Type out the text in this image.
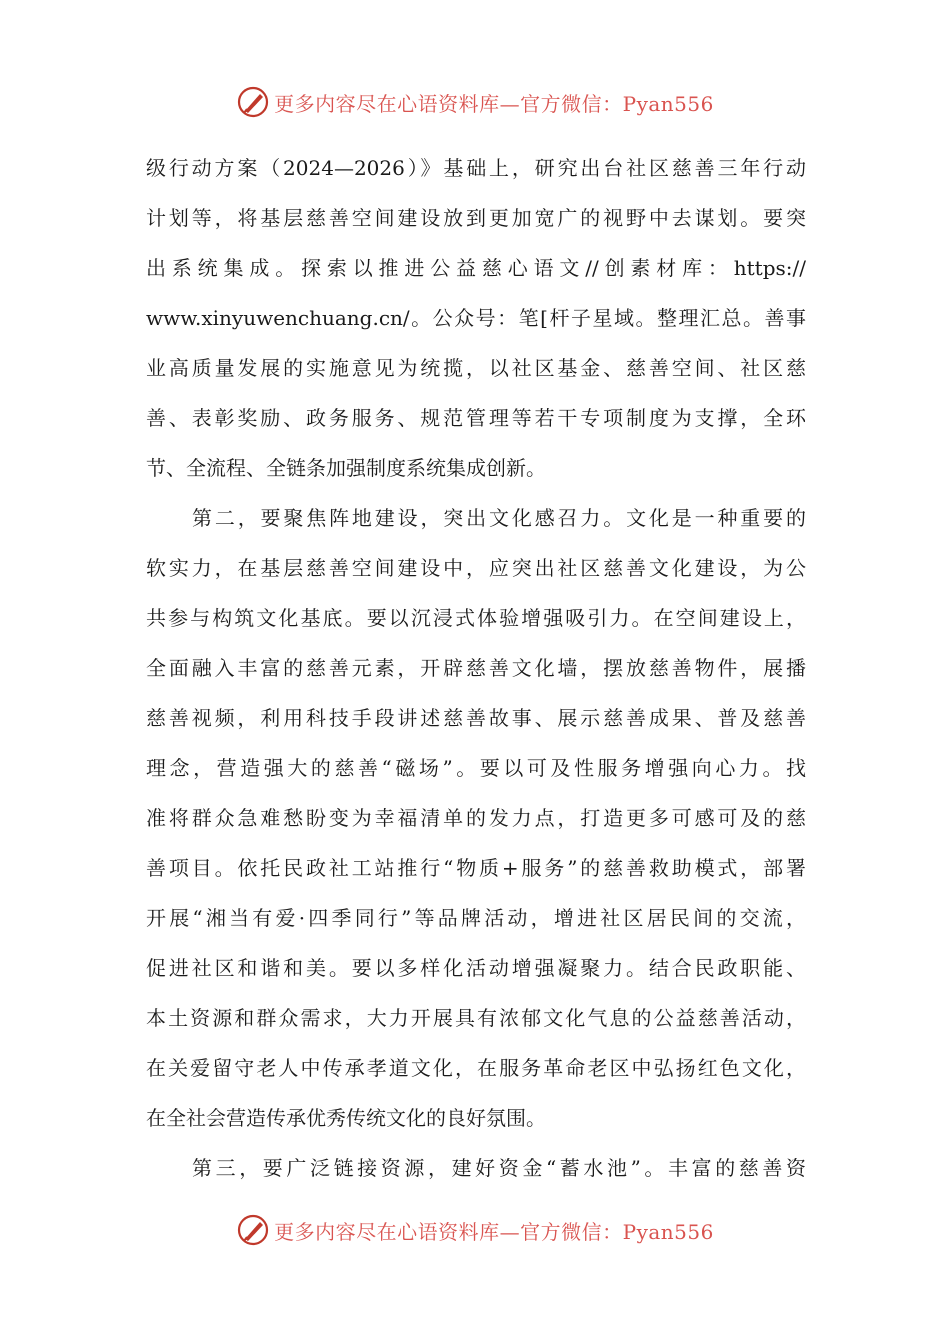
更多内容尽在心语资料库—官方微信：Pyan556
级行动方案（2024—2026）》基础上，研究出台社区慈善三年行动
计划等，将基层慈善空间建设放到更加宽广的视野中去谋划。要突
出系统集成。探索以推进公益慈心语文//创素材库：https://
www.xinyuwenchuang.cn/。公众号：笔[杆子星域。整理汇总。善事
业高质量发展的实施意见为统揽，以社区基金、慈善空间、社区慈
善、表彰奖励、政务服务、规范管理等若干专项制度为支撑，全环
节、全流程、全链条加强制度系统集成创新。
第二，要聚焦阵地建设，突出文化感召力。文化是一种重要的
软实力，在基层慈善空间建设中，应突出社区慈善文化建设，为公
共参与构筑文化基底。要以沉浸式体验增强吸引力。在空间建设上，
全面融入丰富的慈善元素，开辟慈善文化墙，摆放慈善物件，展播
慈善视频，利用科技手段讲述慈善故事、展示慈善成果、普及慈善
理念，营造强大的慈善“磁场”。要以可及性服务增强向心力。找
准将群众急难愁盼变为幸福清单的发力点，打造更多可感可及的慈
善项目。依托民政社工站推行“物质+服务”的慈善救助模式，部署
开展“湘当有爱·四季同行”等品牌活动，增进社区居民间的交流，
促进社区和谐和美。要以多样化活动增强凝聚力。结合民政职能、
本土资源和群众需求，大力开展具有浓郁文化气息的公益慈善活动，
在关爱留守老人中传承孝道文化，在服务革命老区中弘扬红色文化，
在全社会营造传承优秀传统文化的良好氛围。
第三，要广泛链接资源，建好资金“蓄水池”。丰富的慈善资
更多内容尽在心语资料库—官方微信：Pyan556
